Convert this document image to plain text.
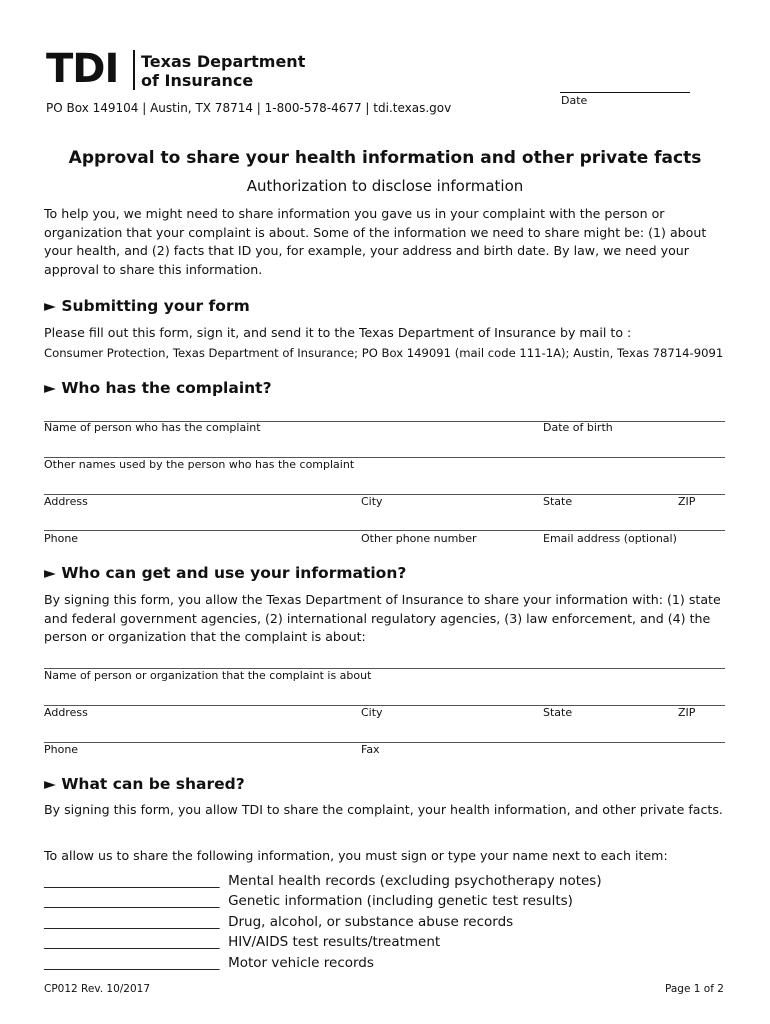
TDI Texas Department
of Insurance
PO Box 149104 | Austin, TX 78714 | 1-800-578-4677 | tdi.texas.gov
Date
Approval to share your health information and other private facts
Authorization to disclose information
To help you, we might need to share information you gave us in your complaint with the person or organization that your complaint is about. Some of the information we need to share might be: (1) about your health, and (2) facts that ID you, for example, your address and birth date. By law, we need your approval to share this information.
► Submitting your form
Please fill out this form, sign it, and send it to the Texas Department of Insurance by mail to :
Consumer Protection, Texas Department of Insurance; PO Box 149091 (mail code 111-1A); Austin, Texas 78714-9091
► Who has the complaint?
Name of person who has the complaint	Date of birth
Other names used by the person who has the complaint
Address	City	State	ZIP
Phone	Other phone number	Email address (optional)
► Who can get and use your information?
By signing this form, you allow the Texas Department of Insurance to share your information with: (1) state and federal government agencies, (2) international regulatory agencies, (3) law enforcement, and (4) the person or organization that the complaint is about:
Name of person or organization that the complaint is about
Address	City	State	ZIP
Phone	Fax
► What can be shared?
By signing this form, you allow TDI to share the complaint, your health information, and other private facts.
To allow us to share the following information, you must sign or type your name next to each item:
__________________________  Mental health records (excluding psychotherapy notes)
__________________________  Genetic information (including genetic test results)
__________________________  Drug, alcohol, or substance abuse records
__________________________  HIV/AIDS test results/treatment
__________________________  Motor vehicle records
CP012 Rev. 10/2017	Page 1 of 2
